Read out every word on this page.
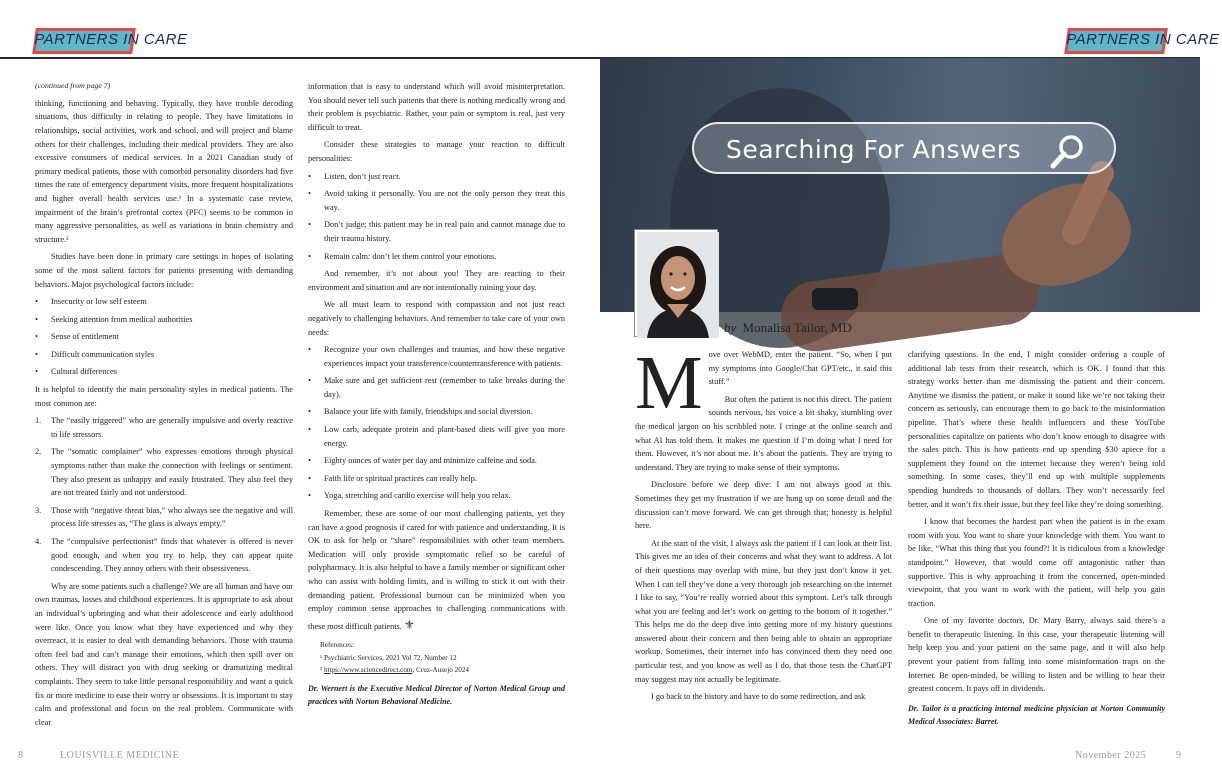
PARTNERS IN CARE	PARTNERS IN CARE

(continued from page 7)

thinking, functioning and behaving. Typically, they have trouble decoding situations, thus difficulty in relating to people. They have limitations in relationships, social activities, work and school, and will project and blame others for their challenges, including their medical providers. They are also excessive consumers of medical services. In a 2021 Canadian study of primary medical patients, those with comorbid personality disorders had five times the rate of emergency department visits, more frequent hospitalizations and higher overall health services use.¹ In a systematic case review, impairment of the brain’s prefrontal cortex (PFC) seems to be common in many aggressive personalities, as well as variations in brain chemistry and structure.²

Studies have been done in primary care settings in hopes of isolating some of the most salient factors for patients presenting with demanding behaviors. Major psychological factors include:

• Insecurity or low self esteem
• Seeking attention from medical authorities
• Sense of entitlement
• Difficult communication styles
• Cultural differences

It is helpful to identify the main personality styles in medical patients. The most common are:

1. The “easily triggered” who are generally impulsive and overly reactive to life stressors.
2. The “somatic complainer” who expresses emotions through physical symptoms rather than make the connection with feelings or sentiment. They also present as unhappy and easily frustrated. They also feel they are not treated fairly and not understood.
3. Those with “negative threat bias,” who always see the negative and will process life stresses as, “The glass is always empty.”
4. The “compulsive perfectionist” finds that whatever is offered is never good enough, and when you try to help, they can appear quite condescending. They annoy others with their obsessiveness.

Why are some patients such a challenge? We are all human and have our own traumas, losses and childhood experiences. It is appropriate to ask about an individual’s upbringing and what their adolescence and early adulthood were like. Once you know what they have experienced and why they overreact, it is easier to deal with demanding behaviors. Those with trauma often feel bad and can’t manage their emotions, which then spill over on others. They will distract you with drug seeking or dramatizing medical complaints. They seem to take little personal responsibility and want a quick fix or more medicine to ease their worry or obsessions. It is important to stay calm and professional and focus on the real problem. Communicate with clear

information that is easy to understand which will avoid misinterpretation. You should never tell such patients that there is nothing medically wrong and their problem is psychiatric. Rather, your pain or symptom is real, just very difficult to treat.

Consider these strategies to manage your reaction to difficult personalities:

• Listen, don’t just react.
• Avoid taking it personally. You are not the only person they treat this way.
• Don’t judge; this patient may be in real pain and cannot manage due to their trauma history.
• Remain calm: don’t let them control your emotions.

And remember, it’s not about you! They are reacting to their environment and situation and are not intentionally ruining your day.

We all must learn to respond with compassion and not just react negatively to challenging behaviors. And remember to take care of your own needs:

• Recognize your own challenges and traumas, and how these negative experiences impact your transference/countertransference with patients.
• Make sure and get sufficient rest (remember to take breaks during the day).
• Balance your life with family, friendships and social diversion.
• Low carb, adequate protein and plant-based diets will give you more energy.
• Eighty ounces of water per day and minimize caffeine and soda.
• Faith life or spiritual practices can really help.
• Yoga, stretching and cardio exercise will help you relax.

Remember, these are some of our most challenging patients, yet they can have a good prognosis if cared for with patience and understanding. It is OK to ask for help or “share” responsibilities with other team members. Medication will only provide symptomatic relief so be careful of polypharmacy. It is also helpful to have a family member or significant other who can assist with holding limits, and is willing to stick it out with their demanding patient. Professional burnout can be minimized when you employ common sense approaches to challenging communications with these most difficult patients. ⚜

References:
¹ Psychiatric Services, 2021 Vol 72, Number 12
² https://www.sciencedirect.com, Cruz-Ausejo 2024

Dr. Wernert is the Executive Medical Director of Norton Medical Group and practices with Norton Behavioral Medicine.

Searching For Answers
by Monalisa Tailor, MD
M ove over WebMD, enter the patient. “So, when I put my symptoms into Google/Chat GPT/etc., it said this stuff.”

But often the patient is not this direct. The patient sounds nervous, his voice a bit shaky, stumbling over the medical jargon on his scribbled note. I cringe at the online search and what AI has told them. It makes me question if I’m doing what I need for them. However, it’s not about me. It’s about the patients. They are trying to understand. They are trying to make sense of their symptoms.

Disclosure before we deep dive: I am not always good at this. Sometimes they get my frustration if we are hung up on some detail and the discussion can’t move forward. We can get through that; honesty is helpful here.

At the start of the visit, I always ask the patient if I can look at their list. This gives me an idea of their concerns and what they want to address. A lot of their questions may overlap with mine, but they just don’t know it yet. When I can tell they’ve done a very thorough job researching on the internet I like to say, “You’re really worried about this symptom. Let’s talk through what you are feeling and let’s work on getting to the bottom of it together.” This helps me do the deep dive into getting more of my history questions answered about their concern and then being able to obtain an appropriate workup. Sometimes, their internet info has convinced them they need one particular test, and you know as well as I do, that those tests the ChatGPT may suggest may not actually be legitimate.

I go back to the history and have to do some redirection, and ask

clarifying questions. In the end, I might consider ordering a couple of additional lab tests from their research, which is OK. I found that this strategy works better than me dismissing the patient and their concern. Anytime we dismiss the patient, or make it sound like we’re not taking their concern as seriously, can encourage them to go back to the misinformation pipeline. That’s where these health influencers and these YouTube personalities capitalize on patients who don’t know enough to disagree with the sales pitch. This is how patients end up spending $30 apiece for a supplement they found on the internet because they weren’t being told something. In some cases, they’ll end up with multiple supplements spending hundreds to thousands of dollars. They won’t necessarily feel better, and it won’t fix their issue, but they feel like they’re doing something.

I know that becomes the hardest part when the patient is in the exam room with you. You want to share your knowledge with them. You want to be like, “What this thing that you found?! It is ridiculous from a knowledge standpoint.” However, that would come off antagonistic rather than supportive. This is why approaching it from the concerned, open-minded viewpoint, that you want to work with the patient, will help you gain traction.

One of my favorite doctors, Dr. Mary Barry, always said there’s a benefit to therapeutic listening. In this case, your therapeutic listening will help keep you and your patient on the same page, and it will also help prevent your patient from falling into some misinformation traps on the Internet. Be open-minded, be willing to listen and be willing to hear their greatest concern. It pays off in dividends.

Dr. Tailor is a practicing internal medicine physician at Norton Community Medical Associates: Barret.

8	LOUISVILLE MEDICINE	November 2025	9
